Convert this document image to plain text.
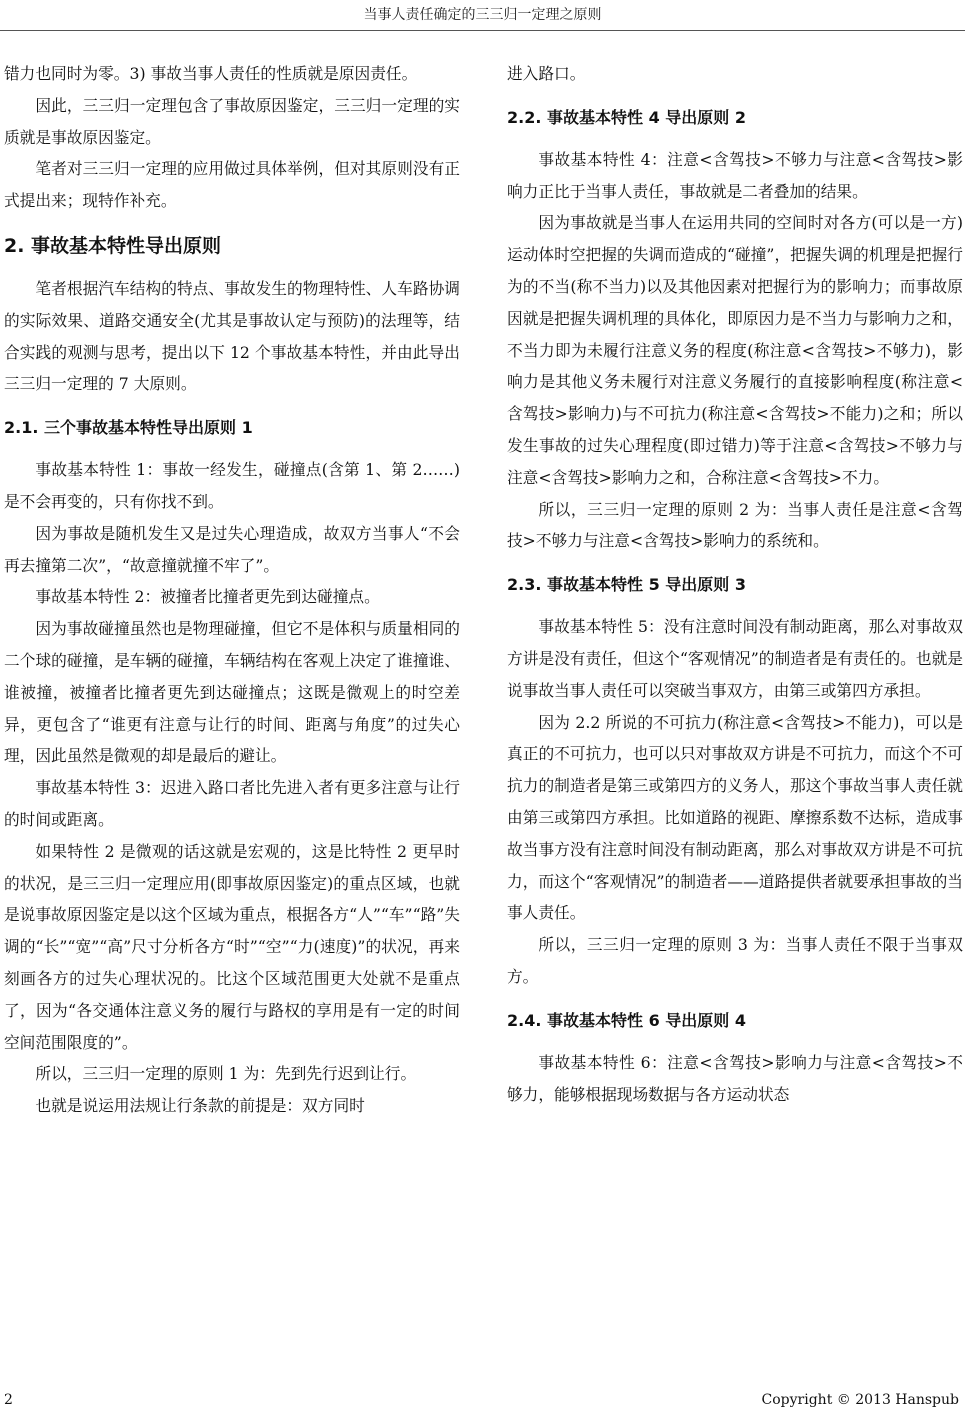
当事人责任确定的三三归一定理之原则

错力也同时为零。3) 事故当事人责任的性质就是原因责任。

因此，三三归一定理包含了事故原因鉴定，三三归一定理的实质就是事故原因鉴定。

笔者对三三归一定理的应用做过具体举例，但对其原则没有正式提出来；现特作补充。

2. 事故基本特性导出原则

笔者根据汽车结构的特点、事故发生的物理特性、人车路协调的实际效果、道路交通安全(尤其是事故认定与预防)的法理等，结合实践的观测与思考，提出以下 12 个事故基本特性，并由此导出三三归一定理的 7 大原则。

2.1. 三个事故基本特性导出原则 1

事故基本特性 1：事故一经发生，碰撞点(含第 1、第 2……)是不会再变的，只有你找不到。

因为事故是随机发生又是过失心理造成，故双方当事人“不会再去撞第二次”，“故意撞就撞不牢了”。

事故基本特性 2：被撞者比撞者更先到达碰撞点。

因为事故碰撞虽然也是物理碰撞，但它不是体积与质量相同的二个球的碰撞，是车辆的碰撞，车辆结构在客观上决定了谁撞谁、谁被撞，被撞者比撞者更先到达碰撞点；这既是微观上的时空差异，更包含了“谁更有注意与让行的时间、距离与角度”的过失心理，因此虽然是微观的却是最后的避让。

事故基本特性 3：迟进入路口者比先进入者有更多注意与让行的时间或距离。

如果特性 2 是微观的话这就是宏观的，这是比特性 2 更早时的状况，是三三归一定理应用(即事故原因鉴定)的重点区域，也就是说事故原因鉴定是以这个区域为重点，根据各方“人”“车”“路”失调的“长”“宽”“高”尺寸分析各方“时”“空”“力(速度)”的状况，再来刻画各方的过失心理状况的。比这个区域范围更大处就不是重点了，因为“各交通体注意义务的履行与路权的享用是有一定的时间空间范围限度的”。

所以，三三归一定理的原则 1 为：先到先行迟到让行。

也就是说运用法规让行条款的前提是：双方同时

进入路口。

2.2. 事故基本特性 4 导出原则 2

事故基本特性 4：注意<含驾技>不够力与注意<含驾技>影响力正比于当事人责任，事故就是二者叠加的结果。

因为事故就是当事人在运用共同的空间时对各方(可以是一方)运动体时空把握的失调而造成的“碰撞”，把握失调的机理是把握行为的不当(称不当力)以及其他因素对把握行为的影响力；而事故原因就是把握失调机理的具体化，即原因力是不当力与影响力之和，不当力即为未履行注意义务的程度(称注意<含驾技>不够力)，影响力是其他义务未履行对注意义务履行的直接影响程度(称注意<含驾技>影响力)与不可抗力(称注意<含驾技>不能力)之和；所以发生事故的过失心理程度(即过错力)等于注意<含驾技>不够力与注意<含驾技>影响力之和，合称注意<含驾技>不力。

所以，三三归一定理的原则 2 为：当事人责任是注意<含驾技>不够力与注意<含驾技>影响力的系统和。

2.3. 事故基本特性 5 导出原则 3

事故基本特性 5：没有注意时间没有制动距离，那么对事故双方讲是没有责任，但这个“客观情况”的制造者是有责任的。也就是说事故当事人责任可以突破当事双方，由第三或第四方承担。

因为 2.2 所说的不可抗力(称注意<含驾技>不能力)，可以是真正的不可抗力，也可以只对事故双方讲是不可抗力，而这个不可抗力的制造者是第三或第四方的义务人，那这个事故当事人责任就由第三或第四方承担。比如道路的视距、摩擦系数不达标，造成事故当事方没有注意时间没有制动距离，那么对事故双方讲是不可抗力，而这个“客观情况”的制造者——道路提供者就要承担事故的当事人责任。

所以，三三归一定理的原则 3 为：当事人责任不限于当事双方。

2.4. 事故基本特性 6 导出原则 4

事故基本特性 6：注意<含驾技>影响力与注意<含驾技>不够力，能够根据现场数据与各方运动状态

2	Copyright © 2013 Hanspub
